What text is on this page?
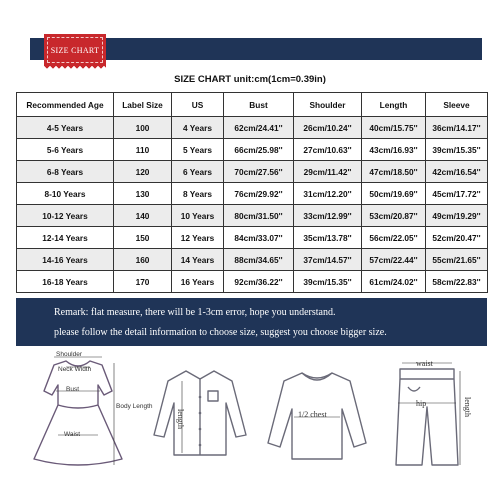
SIZE CHART
SIZE CHART unit:cm(1cm=0.39in)
Recommended Age	Label Size	US	Bust	Shoulder	Length	Sleeve
4-5 Years	100	4 Years	62cm/24.41''	26cm/10.24''	40cm/15.75''	36cm/14.17''
5-6 Years	110	5 Years	66cm/25.98''	27cm/10.63''	43cm/16.93''	39cm/15.35''
6-8 Years	120	6 Years	70cm/27.56''	29cm/11.42''	47cm/18.50''	42cm/16.54''
8-10 Years	130	8 Years	76cm/29.92''	31cm/12.20''	50cm/19.69''	45cm/17.72''
10-12 Years	140	10 Years	80cm/31.50''	33cm/12.99''	53cm/20.87''	49cm/19.29''
12-14 Years	150	12 Years	84cm/33.07''	35cm/13.78''	56cm/22.05''	52cm/20.47''
14-16 Years	160	14 Years	88cm/34.65''	37cm/14.57''	57cm/22.44''	55cm/21.65''
16-18 Years	170	16 Years	92cm/36.22''	39cm/15.35''	61cm/24.02''	58cm/22.83''
Remark: flat measure, there will be 1-3cm error, hope you understand.
please follow the detail information to choose size, suggest you choose bigger size.
Shoulder
Neck Width
Bust
Body Length
Waist
length	1/2 chest
waist
hip	length
